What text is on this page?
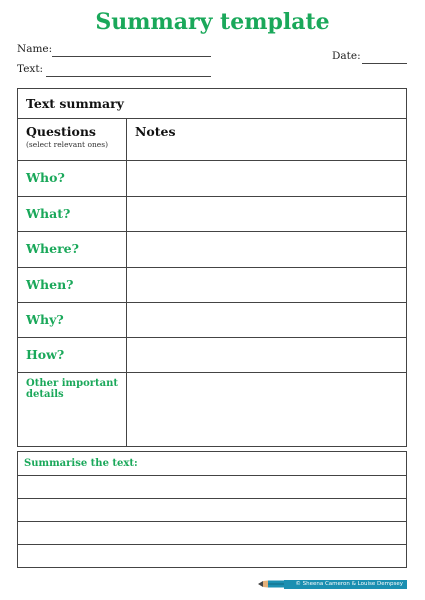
Summary template
Name:
Text:
Date:
Text summary
Questions
(select relevant ones)
Notes
Who?
What?
Where?
When?
Why?
How?
Other important details
Summarise the text:
© Sheena Cameron & Louise Dempsey
